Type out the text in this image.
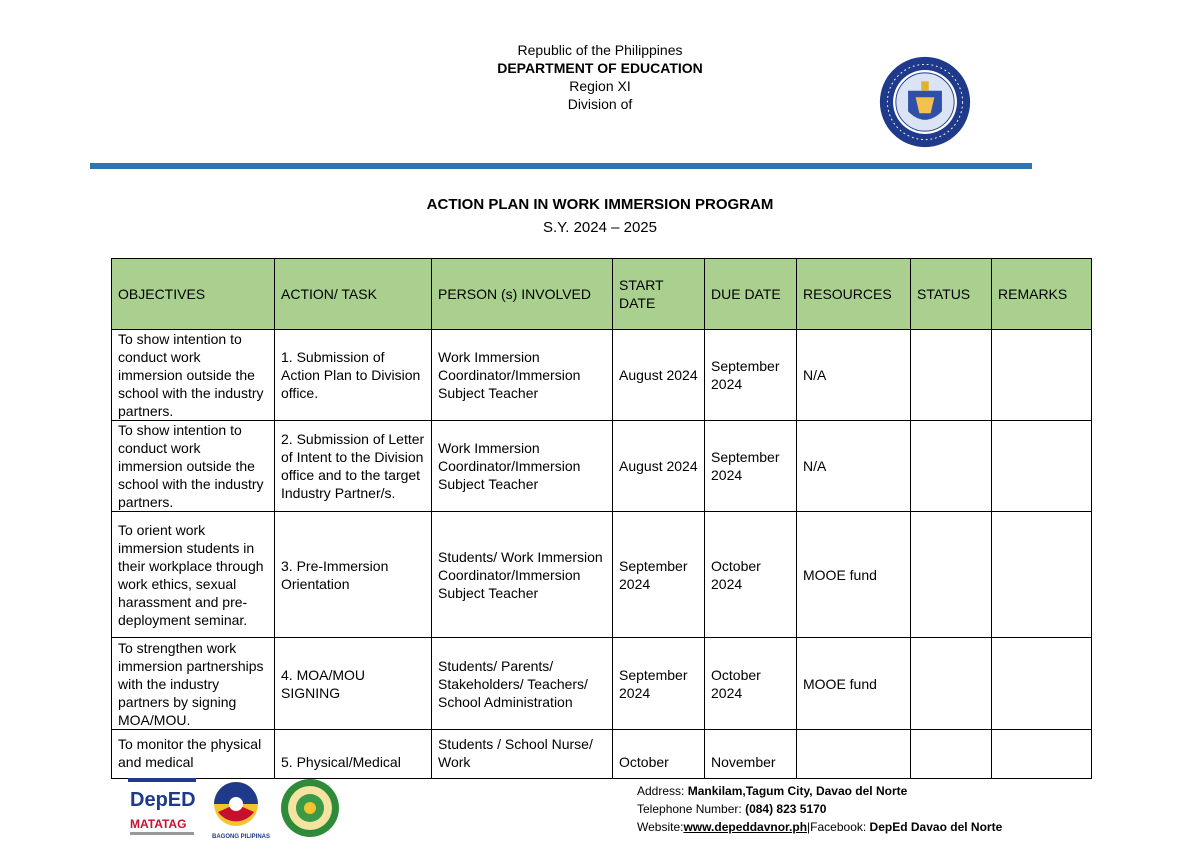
Republic of the Philippines
DEPARTMENT OF EDUCATION
Region XI
Division of
ACTION PLAN IN WORK IMMERSION PROGRAM
S.Y. 2024 – 2025
OBJECTIVES	ACTION/ TASK	PERSON (s) INVOLVED	START DATE	DUE DATE	RESOURCES	STATUS	REMARKS
To show intention to conduct work immersion outside the school with the industry partners.	1. Submission of Action Plan to Division office.	Work Immersion Coordinator/Immersion Subject Teacher	August 2024	September 2024	N/A		
To show intention to conduct work immersion outside the school with the industry partners.	2. Submission of Letter of Intent to the Division office and to the target Industry Partner/s.	Work Immersion Coordinator/Immersion Subject Teacher	August 2024	September 2024	N/A		
To orient work immersion students in their workplace through work ethics, sexual harassment and pre-deployment seminar.	3. Pre-Immersion Orientation	Students/ Work Immersion Coordinator/Immersion Subject Teacher	September 2024	October 2024	MOOE fund		
To strengthen work immersion partnerships with the industry partners by signing MOA/MOU.	4. MOA/MOU SIGNING	Students/ Parents/ Stakeholders/ Teachers/ School Administration	September 2024	October 2024	MOOE fund		
To monitor the physical and medical	5. Physical/Medical	Students / School Nurse/ Work	October	November			

DepED
MATATAG
BAGONG PILIPINAS
Address: Mankilam,Tagum City, Davao del Norte
Telephone Number: (084) 823 5170
Website:www.depeddavnor.ph|Facebook: DepEd Davao del Norte
